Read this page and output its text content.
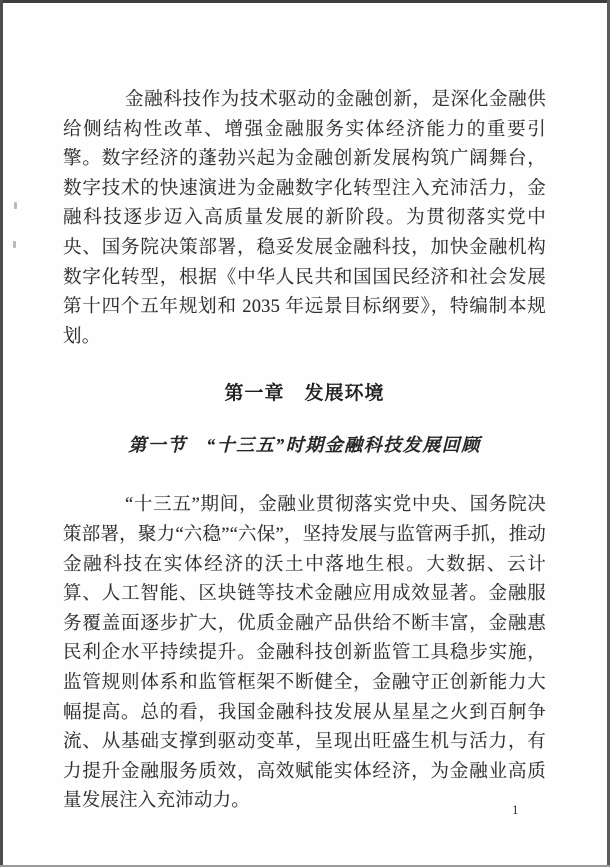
金融科技作为技术驱动的金融创新，是深化金融供给侧结构性改革、增强金融服务实体经济能力的重要引擎。数字经济的蓬勃兴起为金融创新发展构筑广阔舞台，数字技术的快速演进为金融数字化转型注入充沛活力，金融科技逐步迈入高质量发展的新阶段。为贯彻落实党中央、国务院决策部署，稳妥发展金融科技，加快金融机构数字化转型，根据《中华人民共和国国民经济和社会发展第十四个五年规划和 2035 年远景目标纲要》，特编制本规划。

第一章　发展环境
第一节　“十三五”时期金融科技发展回顾

“十三五”期间，金融业贯彻落实党中央、国务院决策部署，聚力“六稳”“六保”，坚持发展与监管两手抓，推动金融科技在实体经济的沃土中落地生根。大数据、云计算、人工智能、区块链等技术金融应用成效显著。金融服务覆盖面逐步扩大，优质金融产品供给不断丰富，金融惠民利企水平持续提升。金融科技创新监管工具稳步实施，监管规则体系和监管框架不断健全，金融守正创新能力大幅提高。总的看，我国金融科技发展从星星之火到百舸争流、从基础支撑到驱动变革，呈现出旺盛生机与活力，有力提升金融服务质效，高效赋能实体经济，为金融业高质量发展注入充沛动力。	1
